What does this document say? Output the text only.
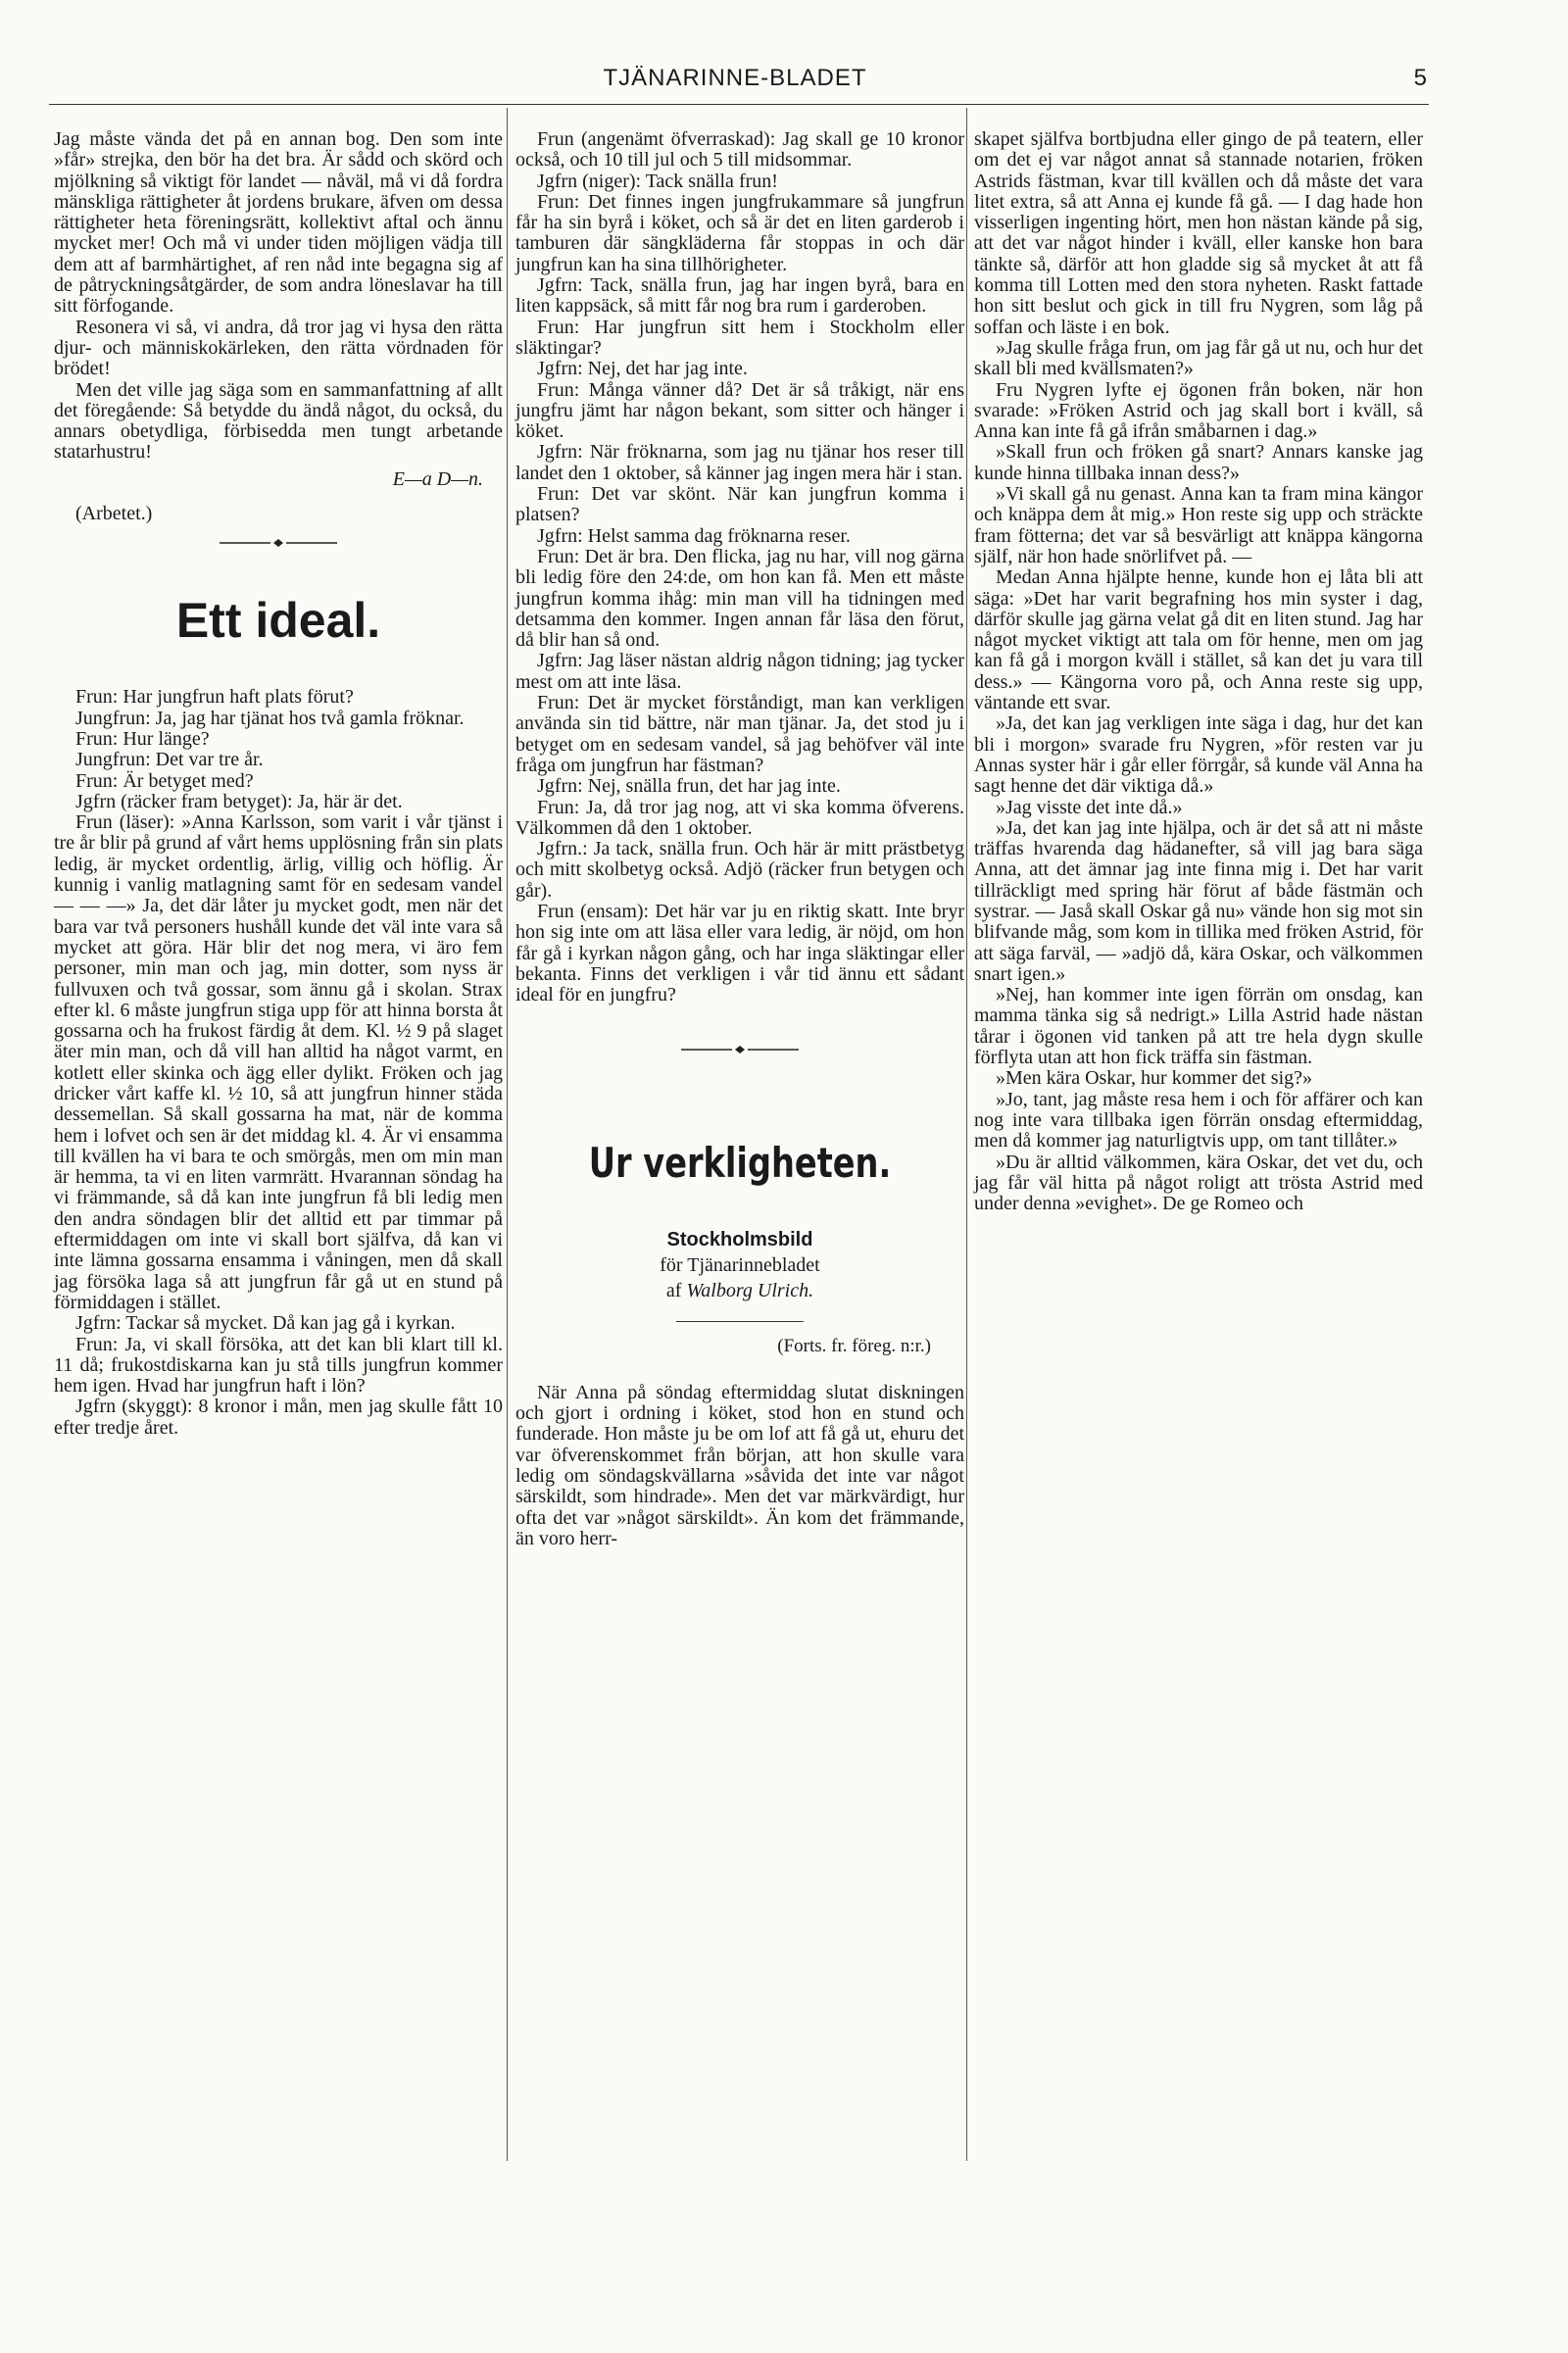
TJÄNARINNE-BLADET	5

Jag måste vända det på en annan bog. Den som inte »får» strejka, den bör ha det bra. Är sådd och skörd och mjölkning så viktigt för landet — nåväl, må vi då fordra mänskliga rättigheter åt jordens brukare, äfven om dessa rättigheter heta föreningsrätt, kollektivt aftal och ännu mycket mer! Och må vi under tiden möjligen vädja till dem att af barmhärtighet, af ren nåd inte begagna sig af de påtryckningsåtgärder, de som andra löneslavar ha till sitt förfogande.

Resonera vi så, vi andra, då tror jag vi hysa den rätta djur- och människokärleken, den rätta vördnaden för brödet!

Men det ville jag säga som en sammanfattning af allt det föregående: Så betydde du ändå något, du också, du annars obetydliga, förbisedda men tungt arbetande statarhustru!

E—a D—n.

(Arbetet.)

Ett ideal.

Frun: Har jungfrun haft plats förut?

Jungfrun: Ja, jag har tjänat hos två gamla fröknar.

Frun: Hur länge?

Jungfrun: Det var tre år.

Frun: Är betyget med?

Jgfrn (räcker fram betyget): Ja, här är det.

Frun (läser): »Anna Karlsson, som varit i vår tjänst i tre år blir på grund af vårt hems upplösning från sin plats ledig, är mycket ordentlig, ärlig, villig och höflig. Är kunnig i vanlig matlagning samt för en sedesam vandel — — —» Ja, det där låter ju mycket godt, men när det bara var två personers hushåll kunde det väl inte vara så mycket att göra. Här blir det nog mera, vi äro fem personer, min man och jag, min dotter, som nyss är fullvuxen och två gossar, som ännu gå i skolan. Strax efter kl. 6 måste jungfrun stiga upp för att hinna borsta åt gossarna och ha frukost färdig åt dem. Kl. ½ 9 på slaget äter min man, och då vill han alltid ha något varmt, en kotlett eller skinka och ägg eller dylikt. Fröken och jag dricker vårt kaffe kl. ½ 10, så att jungfrun hinner städa dessemellan. Så skall gossarna ha mat, när de komma hem i lofvet och sen är det middag kl. 4. Är vi ensamma till kvällen ha vi bara te och smörgås, men om min man är hemma, ta vi en liten varmrätt. Hvarannan söndag ha vi främmande, så då kan inte jungfrun få bli ledig men den andra söndagen blir det alltid ett par timmar på eftermiddagen om inte vi skall bort själfva, då kan vi inte lämna gossarna ensamma i våningen, men då skall jag försöka laga så att jungfrun får gå ut en stund på förmiddagen i stället.

Jgfrn: Tackar så mycket. Då kan jag gå i kyrkan.

Frun: Ja, vi skall försöka, att det kan bli klart till kl. 11 då; frukostdiskarna kan ju stå tills jungfrun kommer hem igen. Hvad har jungfrun haft i lön?

Jgfrn (skyggt): 8 kronor i mån, men jag skulle fått 10 efter tredje året.

Frun (angenämt öfverraskad): Jag skall ge 10 kronor också, och 10 till jul och 5 till midsommar.

Jgfrn (niger): Tack snälla frun!

Frun: Det finnes ingen jungfrukammare så jungfrun får ha sin byrå i köket, och så är det en liten garderob i tamburen där sängkläderna får stoppas in och där jungfrun kan ha sina tillhörigheter.

Jgfrn: Tack, snälla frun, jag har ingen byrå, bara en liten kappsäck, så mitt får nog bra rum i garderoben.

Frun: Har jungfrun sitt hem i Stockholm eller släktingar?

Jgfrn: Nej, det har jag inte.

Frun: Många vänner då? Det är så tråkigt, när ens jungfru jämt har någon bekant, som sitter och hänger i köket.

Jgfrn: När fröknarna, som jag nu tjänar hos reser till landet den 1 oktober, så känner jag ingen mera här i stan.

Frun: Det var skönt. När kan jungfrun komma i platsen?

Jgfrn: Helst samma dag fröknarna reser.

Frun: Det är bra. Den flicka, jag nu har, vill nog gärna bli ledig före den 24:de, om hon kan få. Men ett måste jungfrun komma ihåg: min man vill ha tidningen med detsamma den kommer. Ingen annan får läsa den förut, då blir han så ond.

Jgfrn: Jag läser nästan aldrig någon tidning; jag tycker mest om att inte läsa.

Frun: Det är mycket förståndigt, man kan verkligen använda sin tid bättre, när man tjänar. Ja, det stod ju i betyget om en sedesam vandel, så jag behöfver väl inte fråga om jungfrun har fästman?

Jgfrn: Nej, snälla frun, det har jag inte.

Frun: Ja, då tror jag nog, att vi ska komma öfverens. Välkommen då den 1 oktober.

Jgfrn.: Ja tack, snälla frun. Och här är mitt prästbetyg och mitt skolbetyg också. Adjö (räcker frun betygen och går).

Frun (ensam): Det här var ju en riktig skatt. Inte bryr hon sig inte om att läsa eller vara ledig, är nöjd, om hon får gå i kyrkan någon gång, och har inga släktingar eller bekanta. Finns det verkligen i vår tid ännu ett sådant ideal för en jungfru?

Ur verkligheten.
Stockholmsbild
för Tjänarinnebladet
af Walborg Ulrich.
(Forts. fr. föreg. n:r.)

När Anna på söndag eftermiddag slutat diskningen och gjort i ordning i köket, stod hon en stund och funderade. Hon måste ju be om lof att få gå ut, ehuru det var öfverenskommet från början, att hon skulle vara ledig om söndagskvällarna »såvida det inte var något särskildt, som hindrade». Men det var märkvärdigt, hur ofta det var »något särskildt». Än kom det främmande, än voro herr-

skapet själfva bortbjudna eller gingo de på teatern, eller om det ej var något annat så stannade notarien, fröken Astrids fästman, kvar till kvällen och då måste det vara litet extra, så att Anna ej kunde få gå. — I dag hade hon visserligen ingenting hört, men hon nästan kände på sig, att det var något hinder i kväll, eller kanske hon bara tänkte så, därför att hon gladde sig så mycket åt att få komma till Lotten med den stora nyheten. Raskt fattade hon sitt beslut och gick in till fru Nygren, som låg på soffan och läste i en bok.

»Jag skulle fråga frun, om jag får gå ut nu, och hur det skall bli med kvällsmaten?»

Fru Nygren lyfte ej ögonen från boken, när hon svarade: »Fröken Astrid och jag skall bort i kväll, så Anna kan inte få gå ifrån småbarnen i dag.»

»Skall frun och fröken gå snart? Annars kanske jag kunde hinna tillbaka innan dess?»

»Vi skall gå nu genast. Anna kan ta fram mina kängor och knäppa dem åt mig.» Hon reste sig upp och sträckte fram fötterna; det var så besvärligt att knäppa kängorna själf, när hon hade snörlifvet på. —

Medan Anna hjälpte henne, kunde hon ej låta bli att säga: »Det har varit begrafning hos min syster i dag, därför skulle jag gärna velat gå dit en liten stund. Jag har något mycket viktigt att tala om för henne, men om jag kan få gå i morgon kväll i stället, så kan det ju vara till dess.» — Kängorna voro på, och Anna reste sig upp, väntande ett svar.

»Ja, det kan jag verkligen inte säga i dag, hur det kan bli i morgon» svarade fru Nygren, »för resten var ju Annas syster här i går eller förrgår, så kunde väl Anna ha sagt henne det där viktiga då.»

»Jag visste det inte då.»

»Ja, det kan jag inte hjälpa, och är det så att ni måste träffas hvarenda dag hädanefter, så vill jag bara säga Anna, att det ämnar jag inte finna mig i. Det har varit tillräckligt med spring här förut af både fästmän och systrar. — Jaså skall Oskar gå nu» vände hon sig mot sin blifvande måg, som kom in tillika med fröken Astrid, för att säga farväl, — »adjö då, kära Oskar, och välkommen snart igen.»

»Nej, han kommer inte igen förrän om onsdag, kan mamma tänka sig så nedrigt.» Lilla Astrid hade nästan tårar i ögonen vid tanken på att tre hela dygn skulle förflyta utan att hon fick träffa sin fästman.

»Men kära Oskar, hur kommer det sig?»

»Jo, tant, jag måste resa hem i och för affärer och kan nog inte vara tillbaka igen förrän onsdag eftermiddag, men då kommer jag naturligtvis upp, om tant tillåter.»

»Du är alltid välkommen, kära Oskar, det vet du, och jag får väl hitta på något roligt att trösta Astrid med under denna »evighet». De ge Romeo och
